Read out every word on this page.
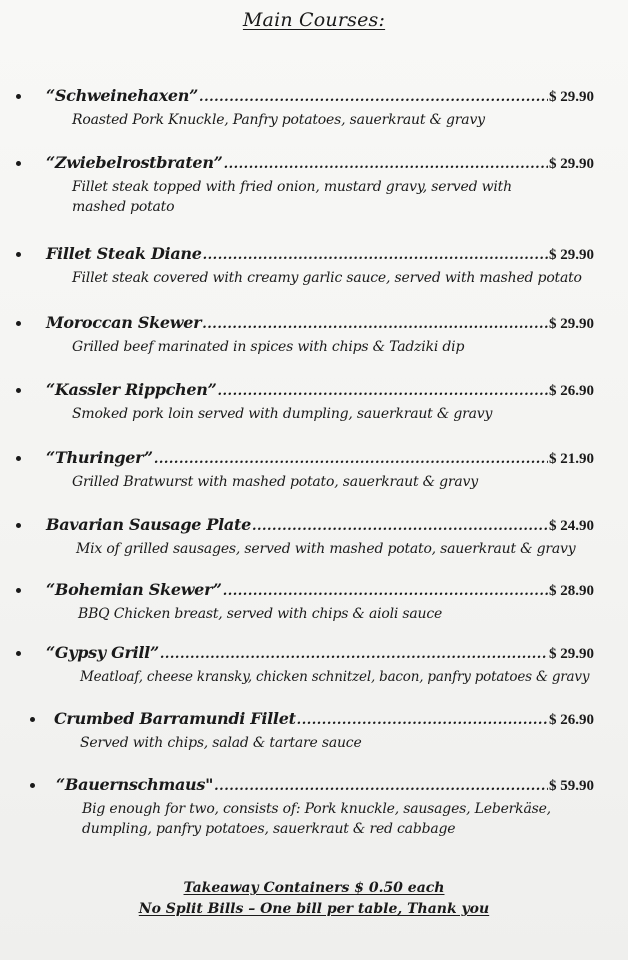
Main Courses:
“Schweinehaxen” .....	$ 29.90
Roasted Pork Knuckle, Panfry potatoes, sauerkraut & gravy
“Zwiebelrostbraten” .....	$ 29.90
Fillet steak topped with fried onion, mustard gravy, served with mashed potato
Fillet Steak Diane .....	$ 29.90
Fillet steak covered with creamy garlic sauce, served with mashed potato
Moroccan Skewer .....	$ 29.90
Grilled beef marinated in spices with chips & Tadziki dip
“Kassler Rippchen” .....	$ 26.90
Smoked pork loin served with dumpling, sauerkraut & gravy
“Thuringer” .....	$ 21.90
Grilled Bratwurst with mashed potato, sauerkraut & gravy
Bavarian Sausage Plate .....	$ 24.90
Mix of grilled sausages, served with mashed potato, sauerkraut & gravy
“Bohemian Skewer” .....	$ 28.90
BBQ Chicken breast, served with chips & aioli sauce
“Gypsy Grill” .....	$ 29.90
Meatloaf, cheese kransky, chicken schnitzel, bacon, panfry potatoes & gravy
Crumbed Barramundi Fillet .....	$ 26.90
Served with chips, salad & tartare sauce
“Bauernschmaus" .....	$ 59.90
Big enough for two, consists of: Pork knuckle, sausages, Leberkäse, dumpling, panfry potatoes, sauerkraut & red cabbage
Takeaway Containers $ 0.50 each
No Split Bills – One bill per table, Thank you
